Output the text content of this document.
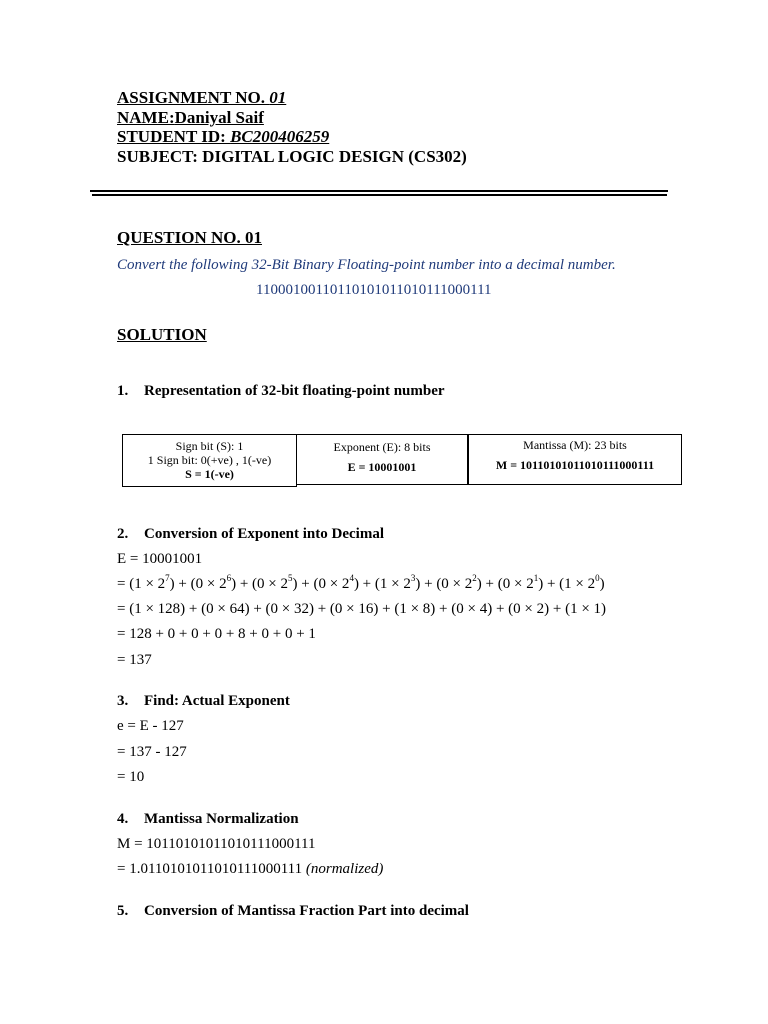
ASSIGNMENT NO. 01
NAME:Daniyal Saif
STUDENT ID: BC200406259
SUBJECT: DIGITAL LOGIC DESIGN (CS302)
QUESTION NO. 01
Convert the following 32-Bit Binary Floating-point number into a decimal number.
11000100110110101011010111000111
SOLUTION
1. Representation of 32-bit floating-point number
Sign bit (S): 1
1 Sign bit: 0(+ve) , 1(-ve)
S = 1(-ve)
Exponent (E): 8 bits
E = 10001001
Mantissa (M): 23 bits
M = 10110101011010111000111
2. Conversion of Exponent into Decimal
E = 10001001
= $(1 \times 2^7) + (0 \times 2^6) + (0 \times 2^5) + (0 \times 2^4) + (1 \times 2^3) + (0 \times 2^2) + (0 \times 2^1) + (1 \times 2^0)$
= (1 × 128) + (0 × 64) + (0 × 32) + (0 × 16) + (1 × 8) + (0 × 4) + (0 × 2) + (1 × 1)
= 128 + 0 + 0 + 0 + 8 + 0 + 0 + 1
= 137
3. Find: Actual Exponent
e = E - 127
= 137 - 127
= 10
4. Mantissa Normalization
M = 10110101011010111000111
= 1.01101010110101110001​11 (normalized)
5. Conversion of Mantissa Fraction Part into decimal
